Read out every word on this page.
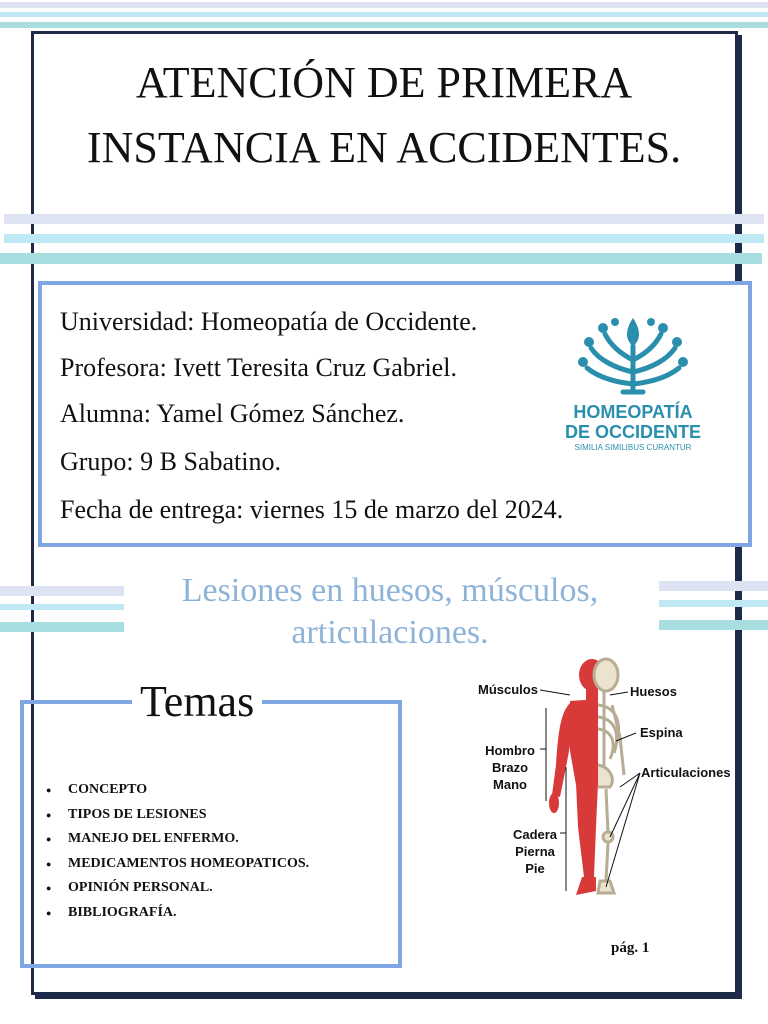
ATENCIÓN DE PRIMERA
INSTANCIA EN ACCIDENTES.
Universidad: Homeopatía de Occidente.
Profesora: Ivett Teresita Cruz Gabriel.
Alumna: Yamel Gómez Sánchez.
Grupo: 9 B Sabatino.
Fecha de entrega: viernes 15 de marzo del 2024.
HOMEOPATÍA
DE OCCIDENTE
SIMILIA SIMILIBUS CURANTUR
Lesiones en huesos, músculos,
articulaciones.
Temas
● CONCEPTO
● TIPOS DE LESIONES
● MANEJO DEL ENFERMO.
● MEDICAMENTOS HOMEOPATICOS.
● OPINIÓN PERSONAL.
● BIBLIOGRAFÍA.
Músculos	Huesos
Espina
Hombro
Brazo
Mano
Articulaciones
Cadera
Pierna
Pie
pág. 1
